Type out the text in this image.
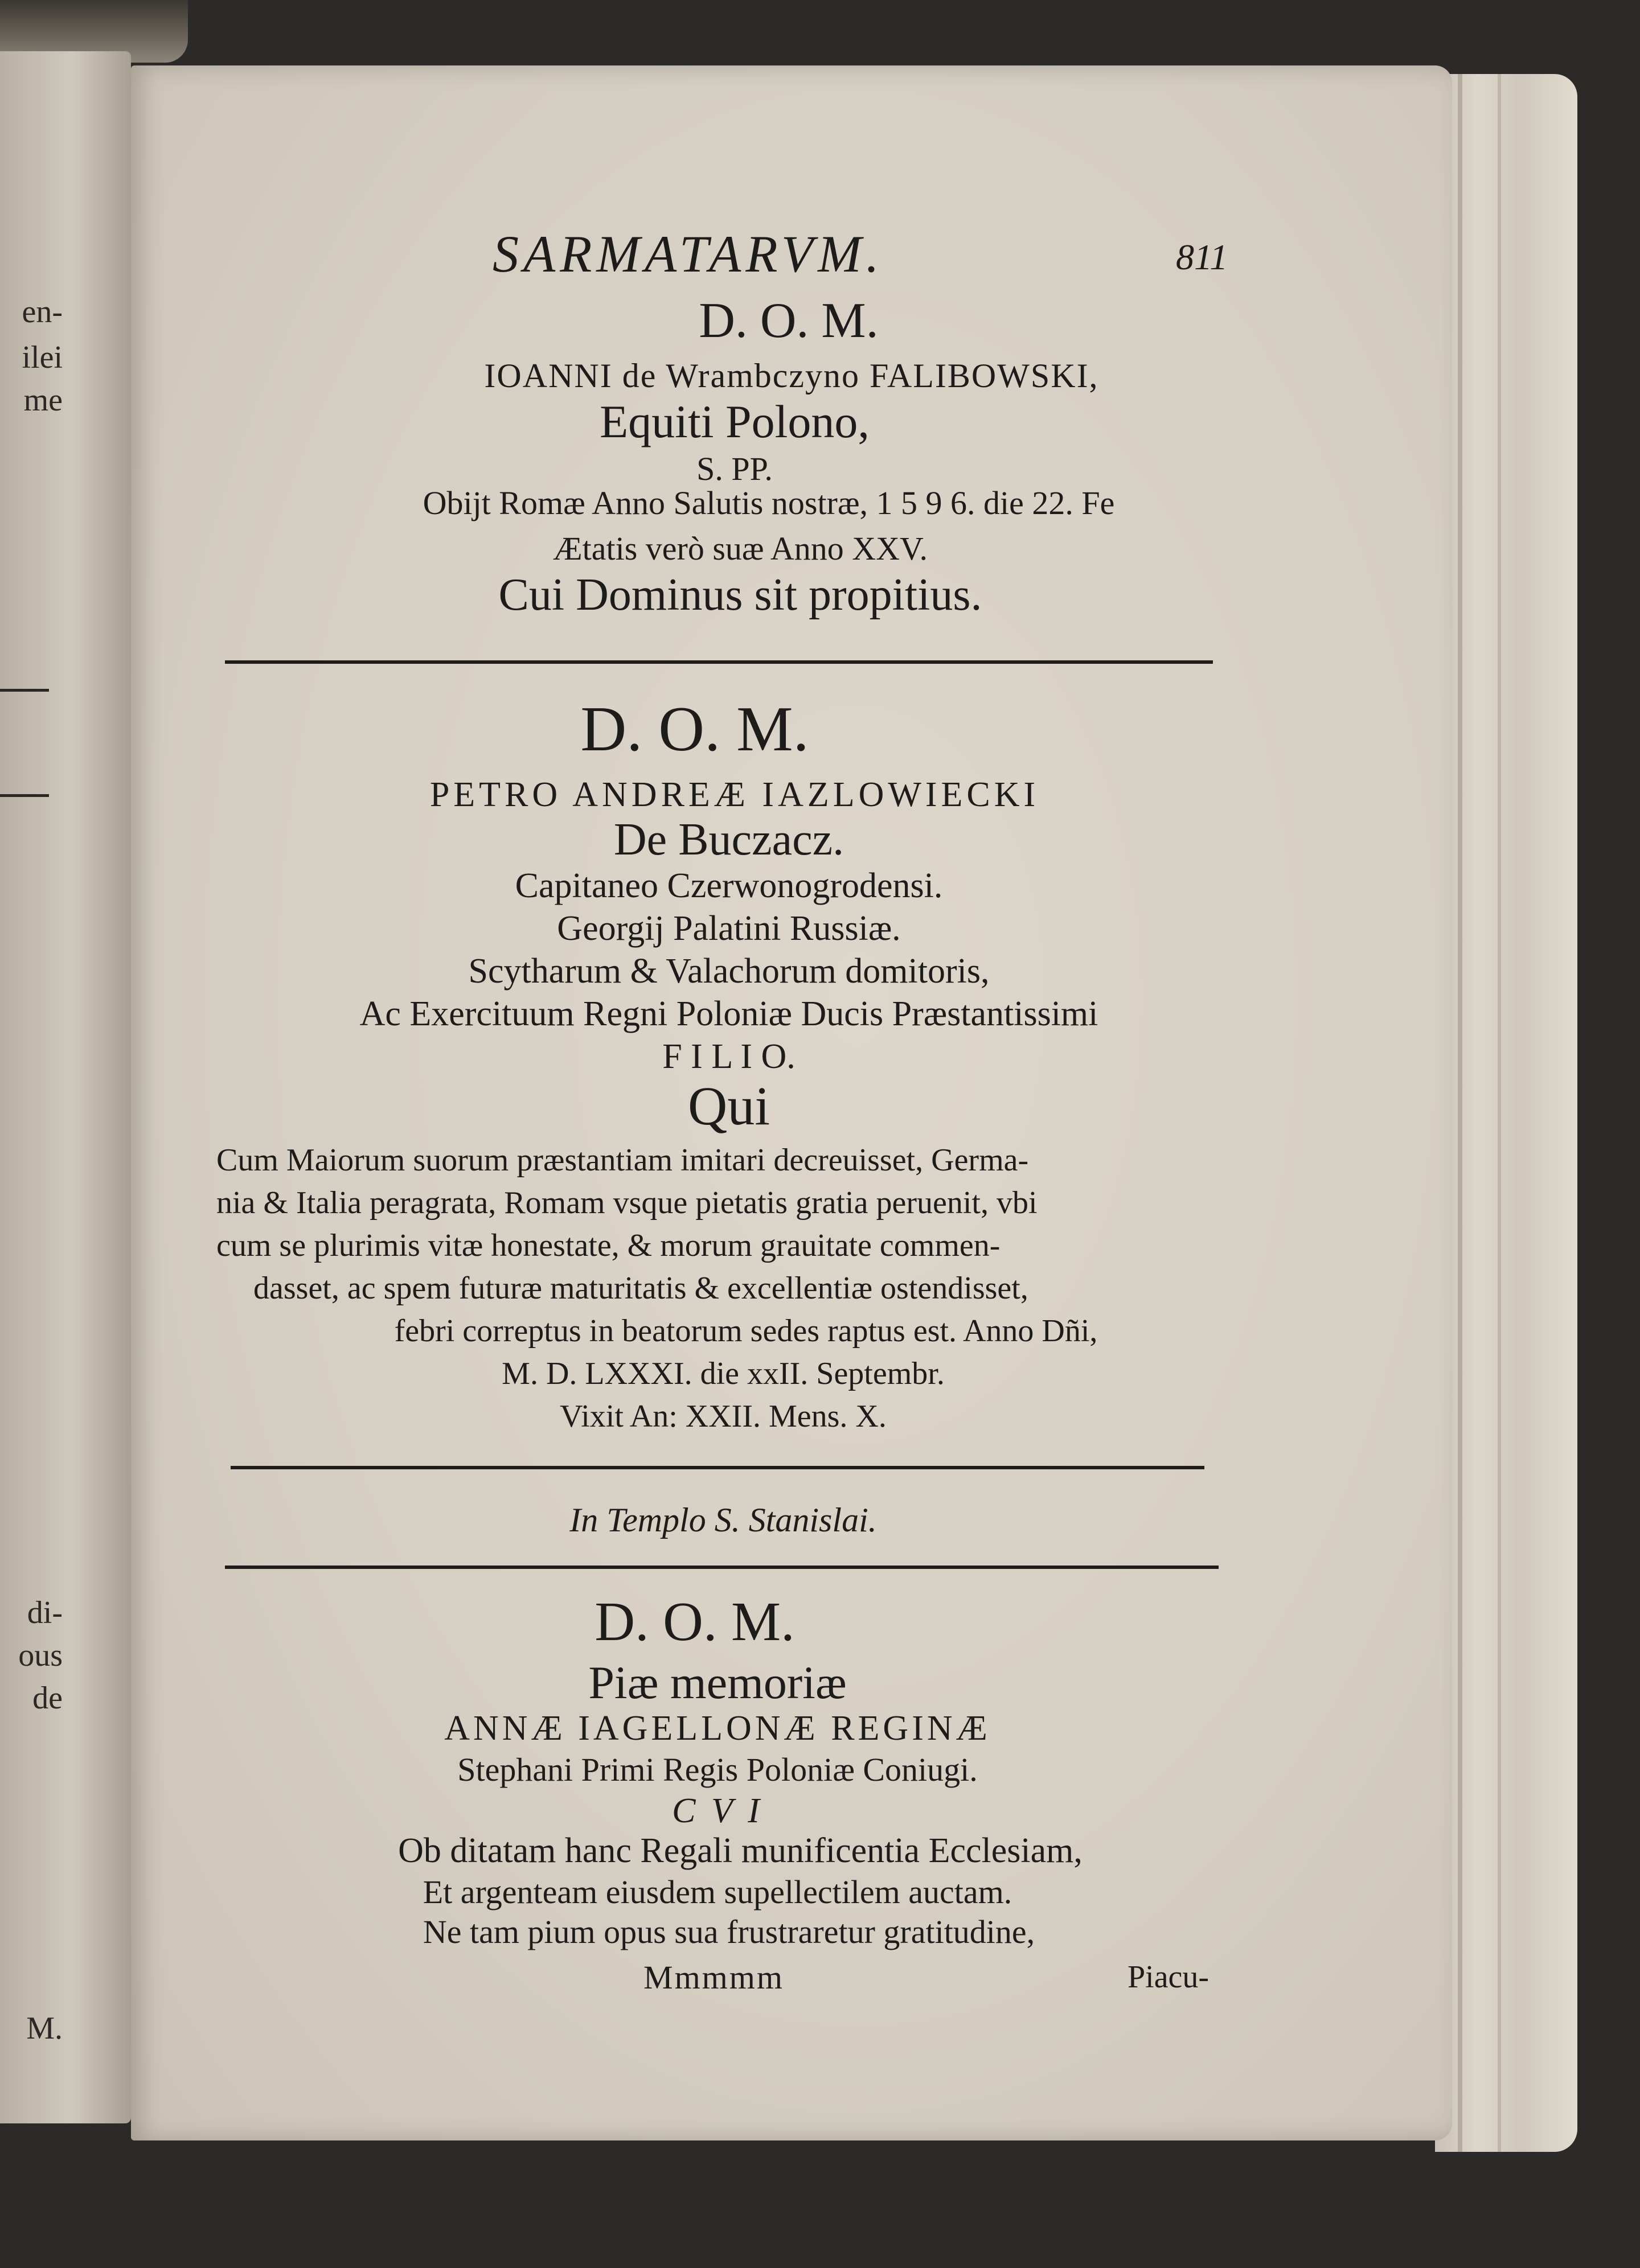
en-
ilei
me
di-
ous
de
M.
SARMATARVM.	811
D. O. M.
IOANNI de Wrambczyno FALIBOWSKI,
Equiti Polono,
S. PP.
Obijt Romæ Anno Salutis nostræ, 1 5 9 6. die 22. Fe
Ætatis verò suæ Anno XXV.
Cui Dominus sit propitius.
D. O. M.
PETRO ANDREÆ IAZLOWIECKI
De Buczacz.
Capitaneo Czerwonogrodensi.
Georgij Palatini Russiæ.
Scytharum & Valachorum domitoris,
Ac Exercituum Regni Poloniæ Ducis Præstantissimi
F I L I O.
Qui
Cum Maiorum suorum præstantiam imitari decreuisset, Germa-
nia & Italia peragrata, Romam vsque pietatis gratia peruenit, vbi
cum se plurimis vitæ honestate, & morum grauitate commen-
dasset, ac spem futuræ maturitatis & excellentiæ ostendisset,
febri correptus in beatorum sedes raptus est. Anno Dñi,
M. D. LXXXI. die xxII. Septembr.
Vixit An: XXII. Mens. X.
In Templo S. Stanislai.
D. O. M.
Piæ memoriæ
ANNÆ IAGELLONÆ REGINÆ
Stephani Primi Regis Poloniæ Coniugi.
C V I
Ob ditatam hanc Regali munificentia Ecclesiam,
Et argenteam eiusdem supellectilem auctam.
Ne tam pium opus sua frustraretur gratitudine,
Mmmmm	Piacu-
